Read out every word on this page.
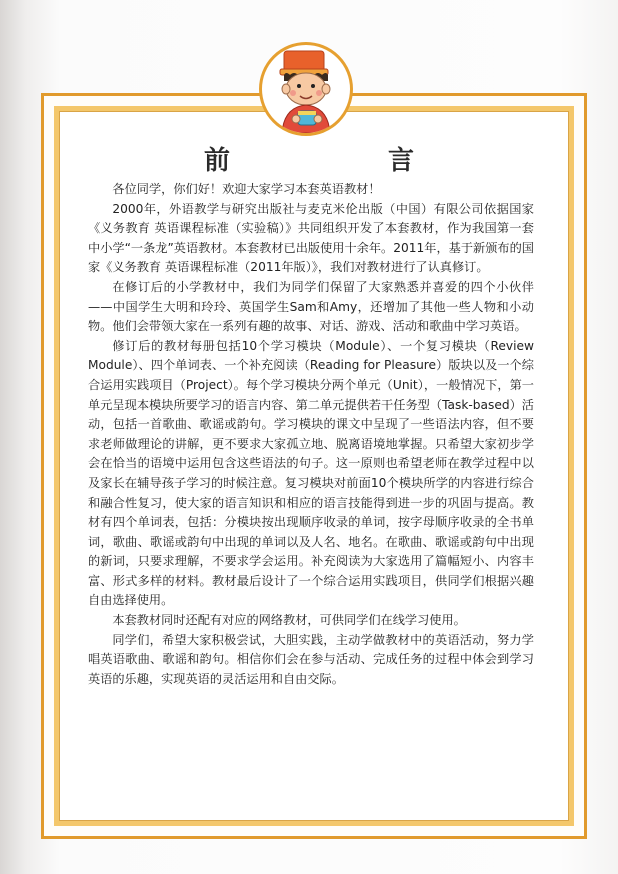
前　言

各位同学，你们好！欢迎大家学习本套英语教材！

2000年，外语教学与研究出版社与麦克米伦出版（中国）有限公司依据国家《义务教育 英语课程标准（实验稿）》共同组织开发了本套教材，作为我国第一套中小学“一条龙”英语教材。本套教材已出版使用十余年。2011年，基于新颁布的国家《义务教育 英语课程标准（2011年版）》，我们对教材进行了认真修订。

在修订后的小学教材中，我们为同学们保留了大家熟悉并喜爱的四个小伙伴——中国学生大明和玲玲、英国学生Sam和Amy，还增加了其他一些人物和小动物。他们会带领大家在一系列有趣的故事、对话、游戏、活动和歌曲中学习英语。

修订后的教材每册包括10个学习模块（Module）、一个复习模块（Review Module）、四个单词表、一个补充阅读（Reading for Pleasure）版块以及一个综合运用实践项目（Project）。每个学习模块分两个单元（Unit），一般情况下，第一单元呈现本模块所要学习的语言内容、第二单元提供若干任务型（Task-based）活动，包括一首歌曲、歌谣或韵句。学习模块的课文中呈现了一些语法内容，但不要求老师做理论的讲解，更不要求大家孤立地、脱离语境地掌握。只希望大家初步学会在恰当的语境中运用包含这些语法的句子。这一原则也希望老师在教学过程中以及家长在辅导孩子学习的时候注意。复习模块对前面10个模块所学的内容进行综合和融合性复习，使大家的语言知识和相应的语言技能得到进一步的巩固与提高。教材有四个单词表，包括：分模块按出现顺序收录的单词，按字母顺序收录的全书单词，歌曲、歌谣或韵句中出现的单词以及人名、地名。在歌曲、歌谣或韵句中出现的新词，只要求理解，不要求学会运用。补充阅读为大家选用了篇幅短小、内容丰富、形式多样的材料。教材最后设计了一个综合运用实践项目，供同学们根据兴趣自由选择使用。

本套教材同时还配有对应的网络教材，可供同学们在线学习使用。

同学们，希望大家积极尝试，大胆实践，主动学做教材中的英语活动，努力学唱英语歌曲、歌谣和韵句。相信你们会在参与活动、完成任务的过程中体会到学习英语的乐趣，实现英语的灵活运用和自由交际。
